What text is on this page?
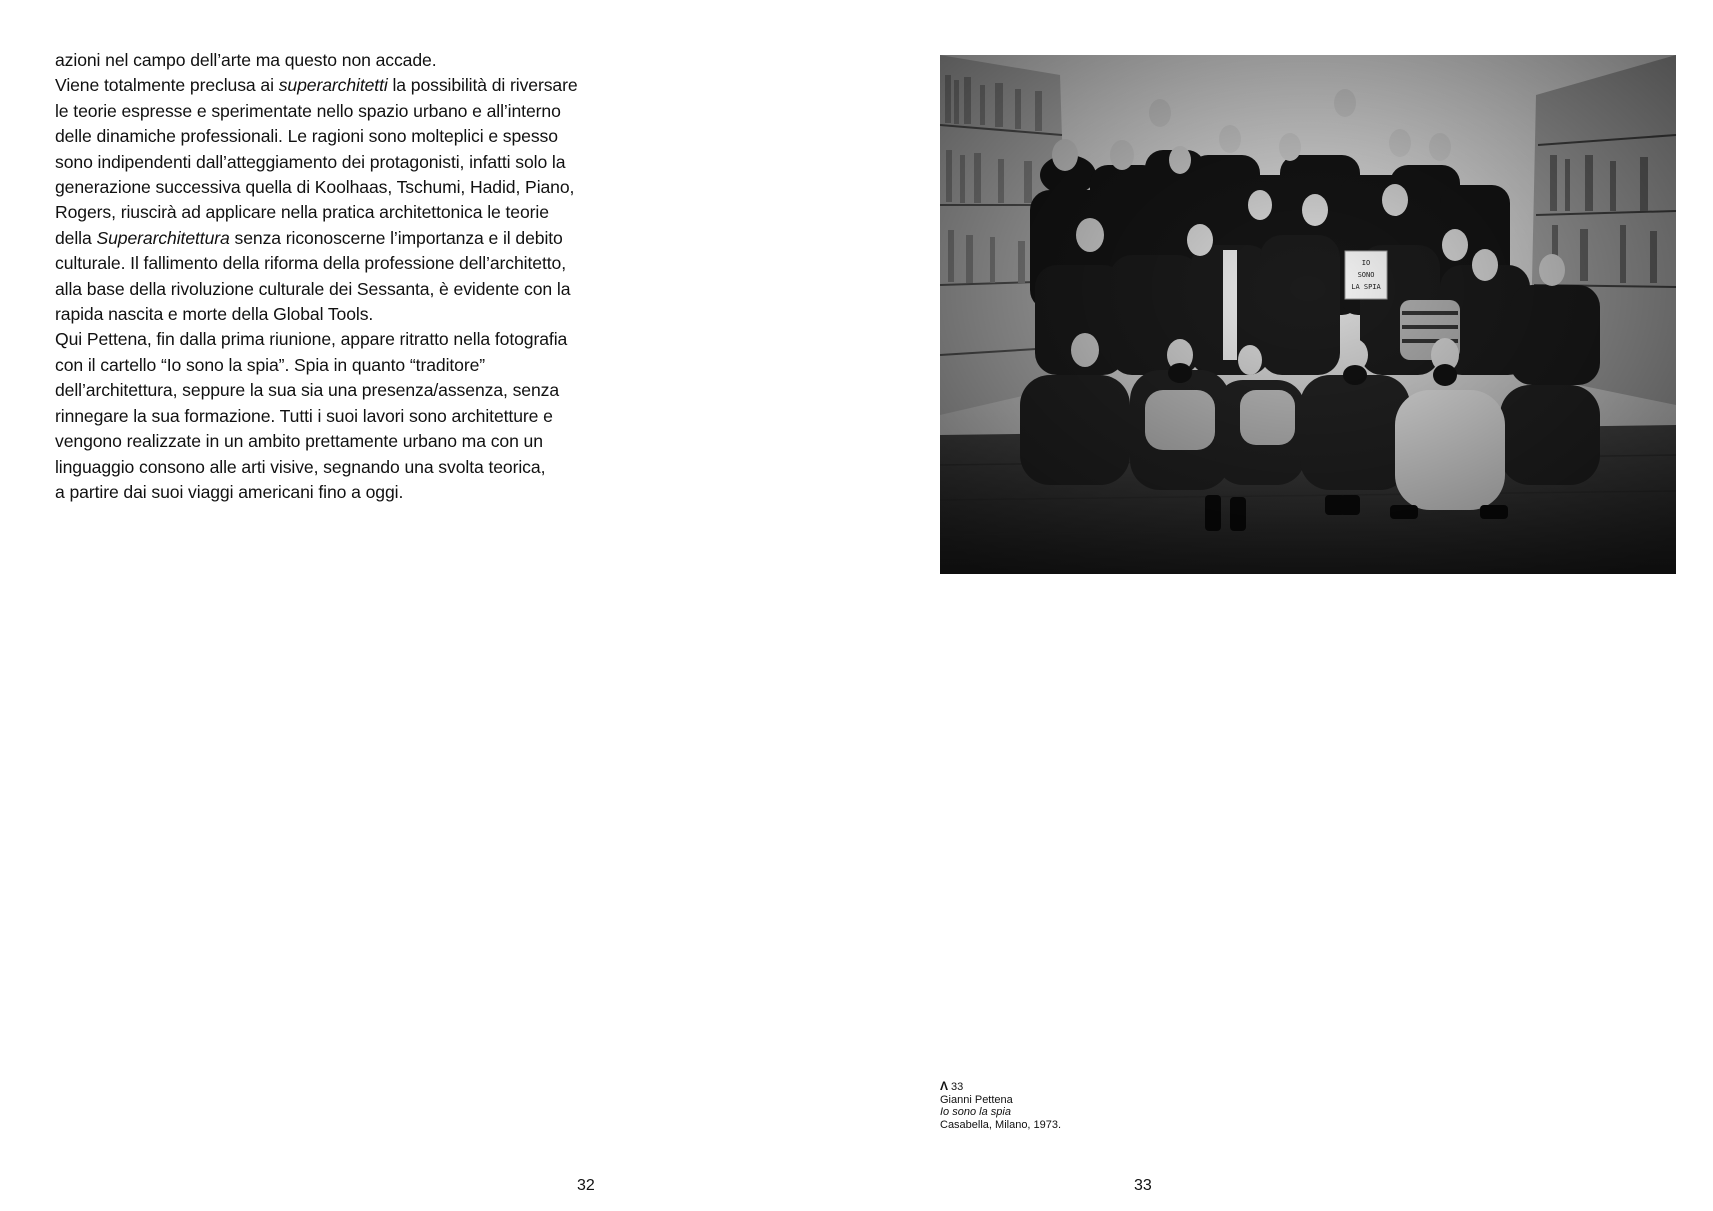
azioni nel campo dell’arte ma questo non accade.
Viene totalmente preclusa ai superarchitetti la possibilità di riversare
le teorie espresse e sperimentate nello spazio urbano e all’interno
delle dinamiche professionali. Le ragioni sono molteplici e spesso
sono indipendenti dall’atteggiamento dei protagonisti, infatti solo la
generazione successiva quella di Koolhaas, Tschumi, Hadid, Piano,
Rogers, riuscirà ad applicare nella pratica architettonica le teorie
della Superarchitettura senza riconoscerne l’importanza e il debito
culturale. Il fallimento della riforma della professione dell’architetto,
alla base della rivoluzione culturale dei Sessanta, è evidente con la
rapida nascita e morte della Global Tools.
Qui Pettena, fin dalla prima riunione, appare ritratto nella fotografia
con il cartello “Io sono la spia”. Spia in quanto “traditore”
dell’architettura, seppure la sua sia una presenza/assenza, senza
rinnegare la sua formazione. Tutti i suoi lavori sono architetture e
vengono realizzate in un ambito prettamente urbano ma con un
linguaggio consono alle arti visive, segnando una svolta teorica,
a partire dai suoi viaggi americani fino a oggi.
32
Λ 33
Gianni Pettena
Io sono la spia
Casabella, Milano, 1973.
33
